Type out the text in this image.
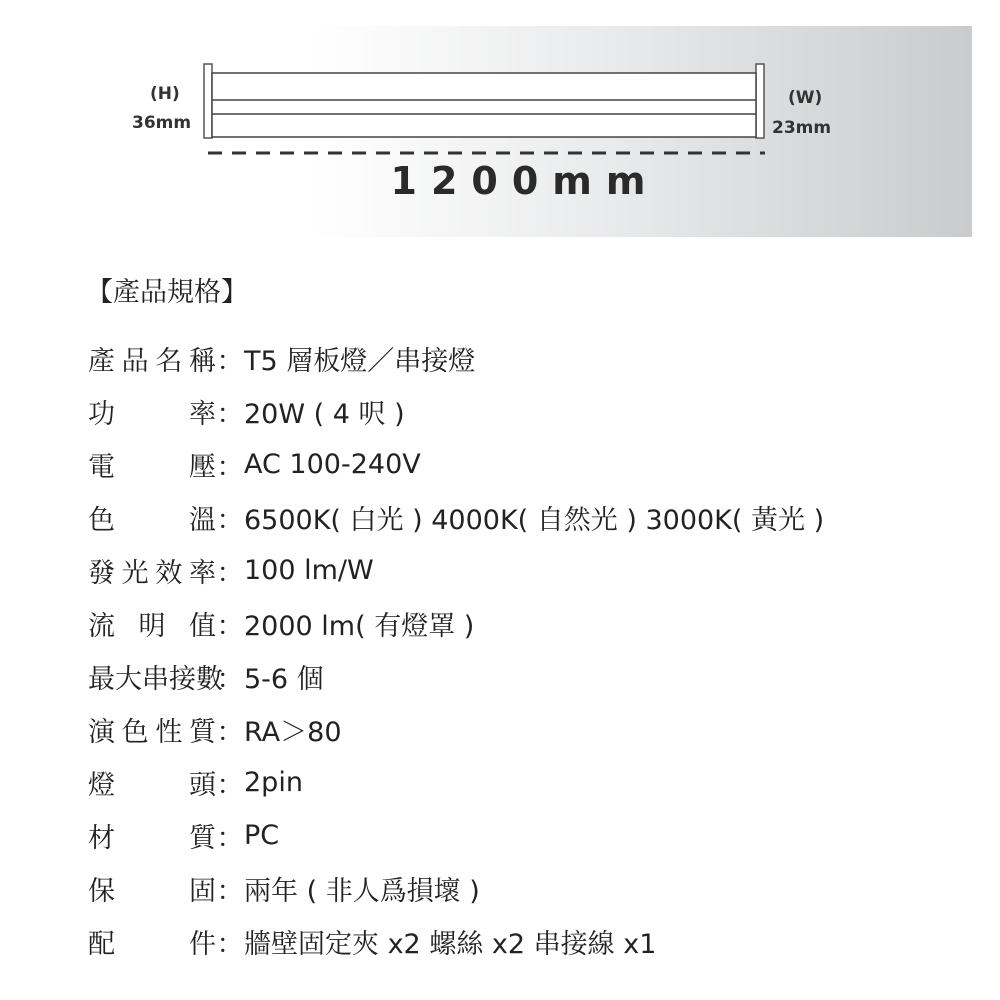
(H)
36mm
(W)
23mm
1200mm
【產品規格】
產品名稱 ： T5 層板燈／串接燈
功率 ： 20W ( 4 呎 )
電壓 ： AC 100-240V
色溫 ： 6500K( 白光 ) 4000K( 自然光 ) 3000K( 黃光 )
發光效率 ： 100 lm/W
流明值 ： 2000 lm( 有燈罩 )
最大串接數
： 5-6 個
演色性質 ： RA＞80
燈頭 ： 2pin
材質 ： PC
保固 ： 兩年 ( 非人爲損壞 )
配件 ： 牆壁固定夾 x2 螺絲 x2 串接線 x1
